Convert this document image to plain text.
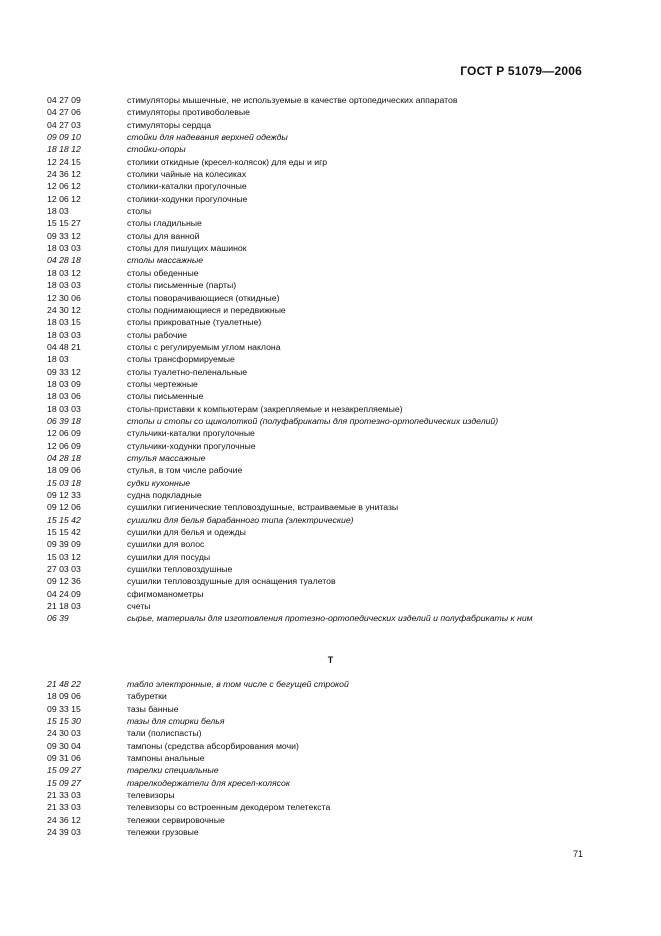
ГОСТ Р 51079—2006
04 27 09	стимуляторы мышечные, не используемые в качестве ортопедических аппаратов
04 27 06	стимуляторы противоболевые
04 27 03	стимуляторы сердца
09 09 10	стойки для надевания верхней одежды
18 18 12	стойки-опоры
12 24 15	столики откидные (кресел-колясок) для еды и игр
24 36 12	столики чайные на колесиках
12 06 12	столики-каталки прогулочные
12 06 12	столики-ходунки прогулочные
18 03	столы
15 15 27	столы гладильные
09 33 12	столы для ванной
18 03 03	столы для пишущих машинок
04 28 18	столы массажные
18 03 12	столы обеденные
18 03 03	столы письменные (парты)
12 30 06	столы поворачивающиеся (откидные)
24 30 12	столы поднимающиеся и передвижные
18 03 15	столы прикроватные (туалетные)
18 03 03	столы рабочие
04 48 21	столы с регулируемым углом наклона
18 03	столы трансформируемые
09 33 12	столы туалетно-пеленальные
18 03 09	столы чертежные
18 03 06	столы письменные
18 03 03	столы-приставки к компьютерам (закрепляемые и незакрепляемые)
06 39 18	стопы и стопы со щиколоткой (полуфабрикаты для протезно-ортопедических изделий)
12 06 09	стульчики-каталки прогулочные
12 06 09	стульчики-ходунки прогулочные
04 28 18	стулья массажные
18 09 06	стулья, в том числе рабочие
15 03 18	судки кухонные
09 12 33	судна подкладные
09 12 06	сушилки гигиенические тепловоздушные, встраиваемые в унитазы
15 15 42	сушилки для белья барабанного типа (электрические)
15 15 42	сушилки для белья и одежды
09 39 09	сушилки для волос
15 03 12	сушилки для посуды
27 03 03	сушилки тепловоздушные
09 12 36	сушилки тепловоздушные для оснащения туалетов
04 24 09	сфигмоманометры
21 18 03	счеты
06 39	сырье, материалы для изготовления протезно-ортопедических изделий и полуфабрикаты к ним
Т
21 48 22	табло электронные, в том числе с бегущей строкой
18 09 06	табуретки
09 33 15	тазы банные
15 15 30	тазы для стирки белья
24 30 03	тали (полиспасты)
09 30 04	тампоны (средства абсорбирования мочи)
09 31 06	тампоны анальные
15 09 27	тарелки специальные
15 09 27	тарелкодержатели для кресел-колясок
21 33 03	телевизоры
21 33 03	телевизоры со встроенным декодером телетекста
24 36 12	тележки сервировочные
24 39 03	тележки грузовые
71
